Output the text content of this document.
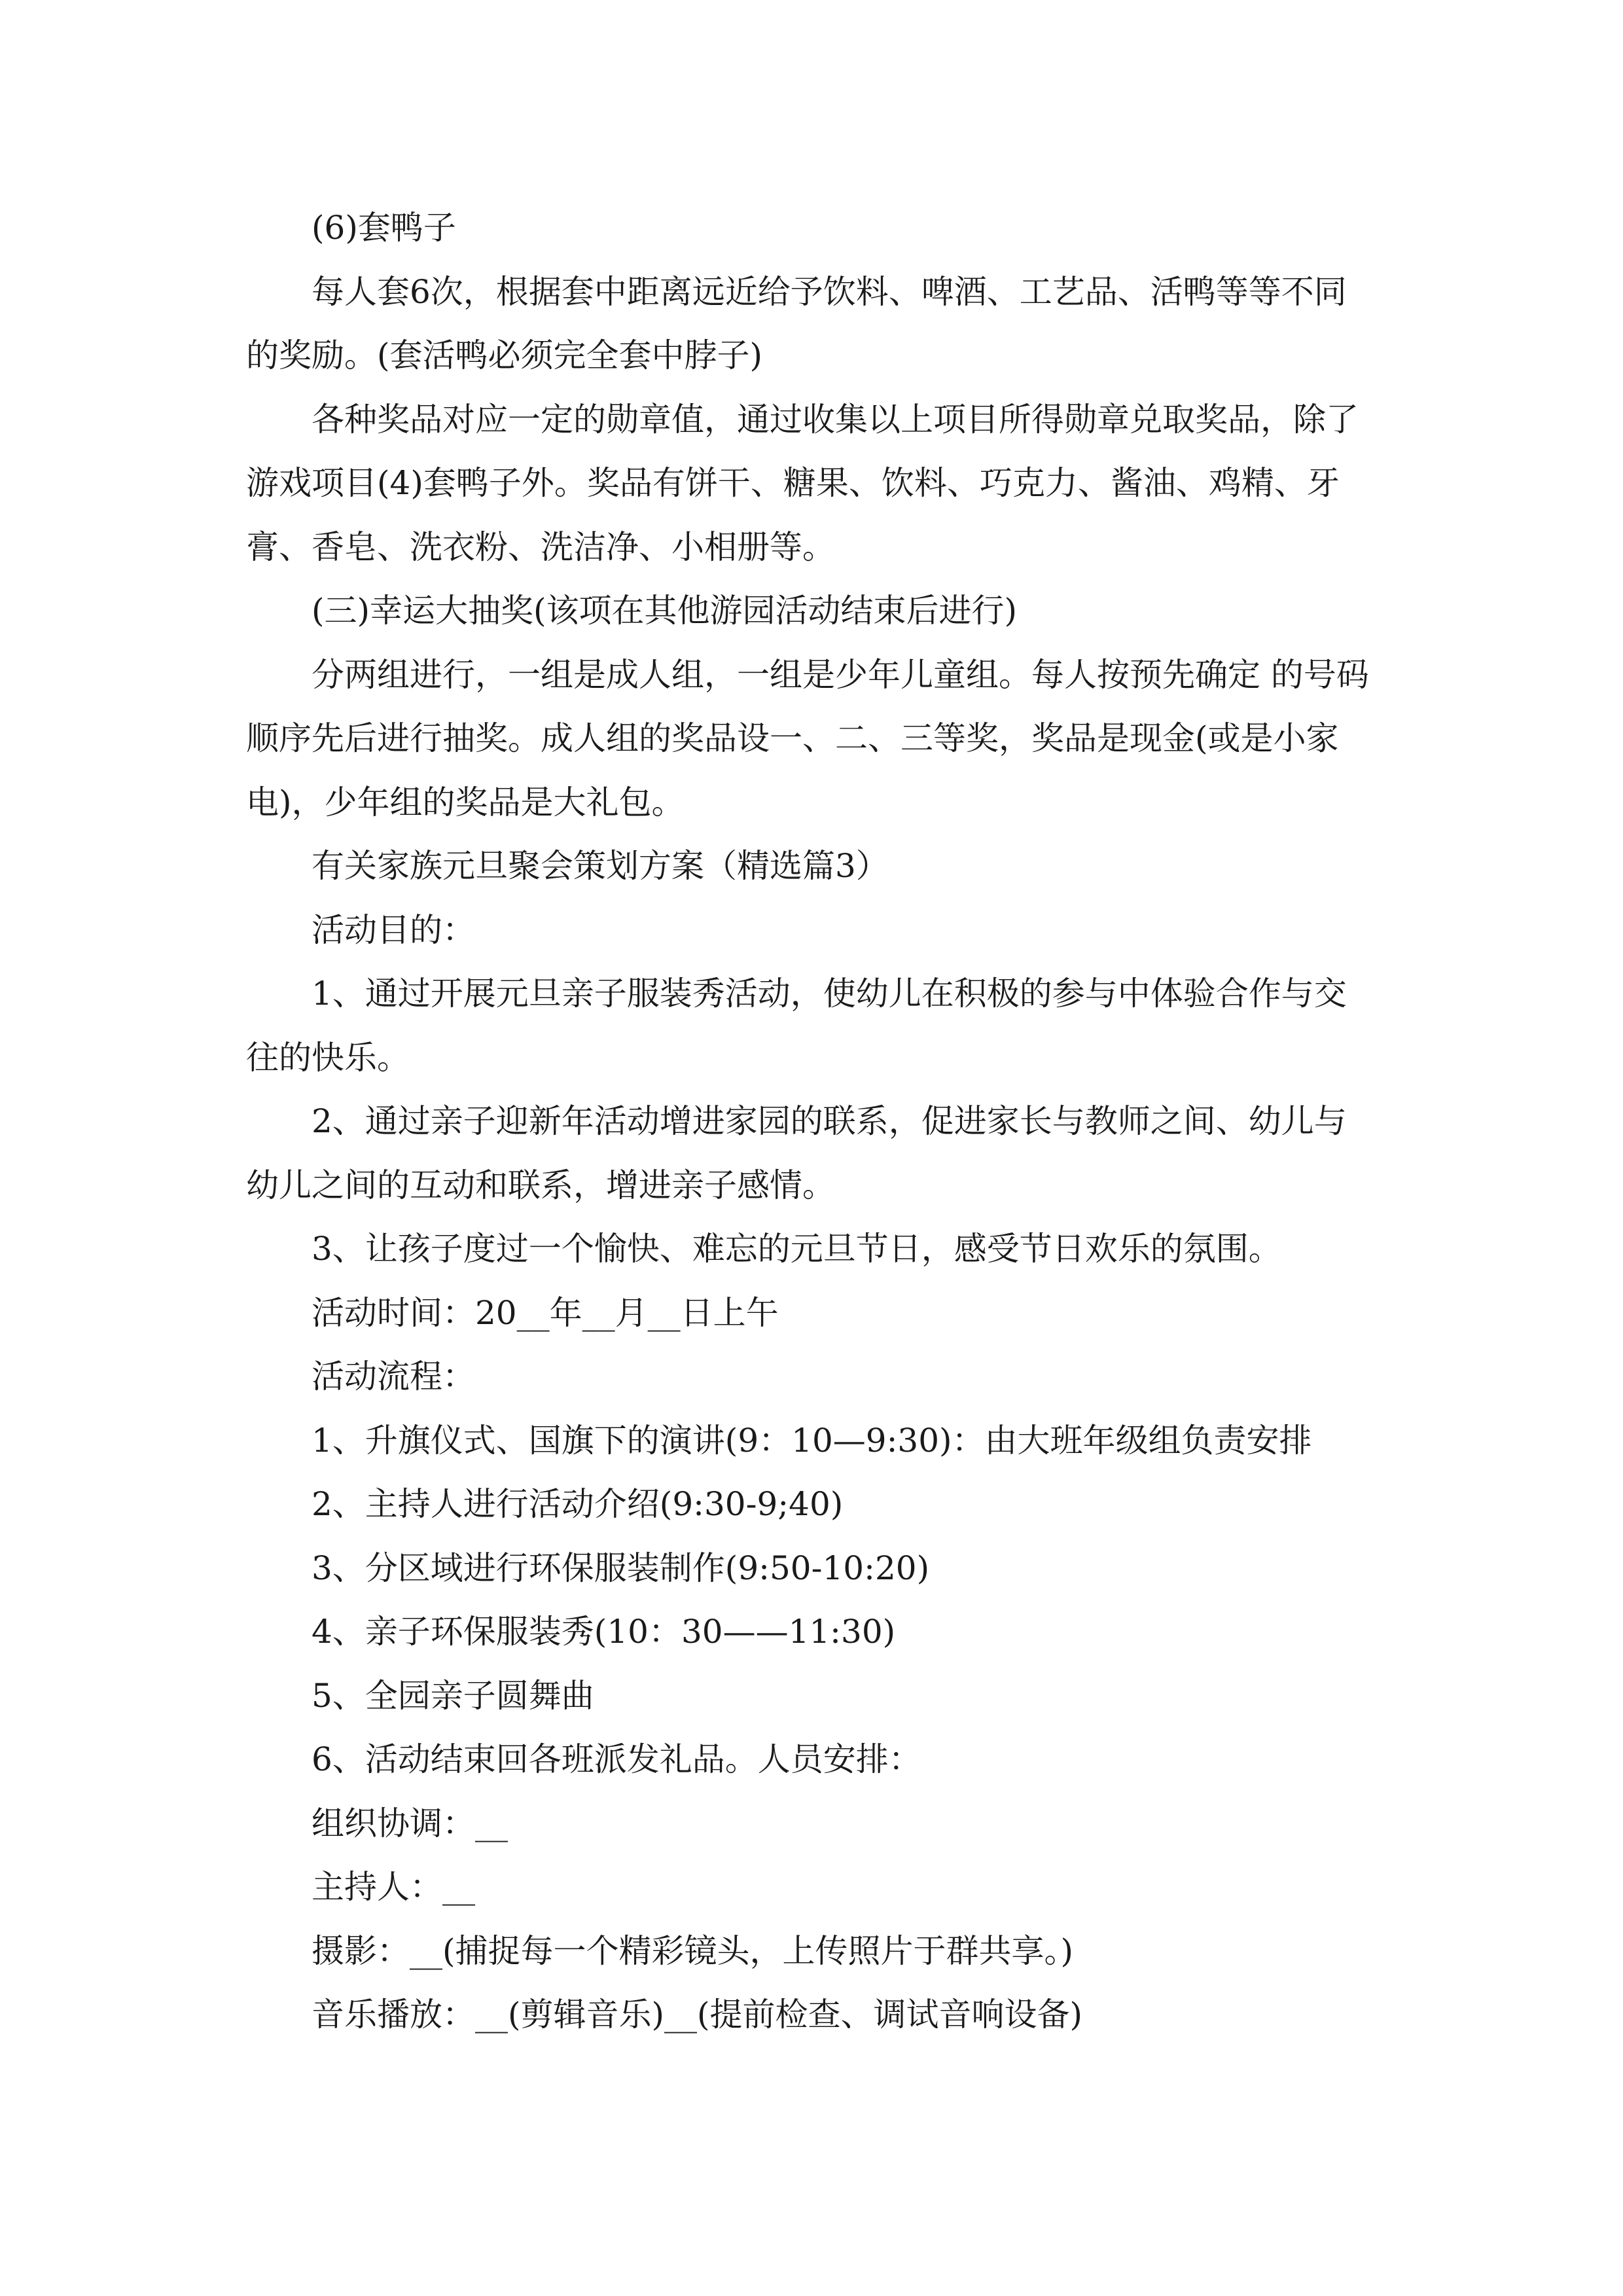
(6)套鸭子

每人套6次，根据套中距离远近给予饮料、啤酒、工艺品、活鸭等等不同的奖励。(套活鸭必须完全套中脖子)

各种奖品对应一定的勋章值，通过收集以上项目所得勋章兑取奖品，除了游戏项目(4)套鸭子外。奖品有饼干、糖果、饮料、巧克力、酱油、鸡精、牙膏、香皂、洗衣粉、洗洁净、小相册等。

(三)幸运大抽奖(该项在其他游园活动结束后进行)

分两组进行，一组是成人组，一组是少年儿童组。每人按预先确定 的号码顺序先后进行抽奖。成人组的奖品设一、二、三等奖，奖品是现金(或是小家电)，少年组的奖品是大礼包。

有关家族元旦聚会策划方案（精选篇3）

活动目的：

1、通过开展元旦亲子服装秀活动，使幼儿在积极的参与中体验合作与交往的快乐。

2、通过亲子迎新年活动增进家园的联系，促进家长与教师之间、幼儿与幼儿之间的互动和联系，增进亲子感情。

3、让孩子度过一个愉快、难忘的元旦节日，感受节日欢乐的氛围。

活动时间：20__年__月__日上午

活动流程：

1、升旗仪式、国旗下的演讲(9：10—9:30)：由大班年级组负责安排

2、主持人进行活动介绍(9:30-9;40)

3、分区域进行环保服装制作(9:50-10:20)

4、亲子环保服装秀(10：30——11:30)

5、全园亲子圆舞曲

6、活动结束回各班派发礼品。人员安排：

组织协调：__

主持人：__

摄影：__(捕捉每一个精彩镜头，上传照片于群共享。)

音乐播放：__(剪辑音乐)__(提前检查、调试音响设备)
